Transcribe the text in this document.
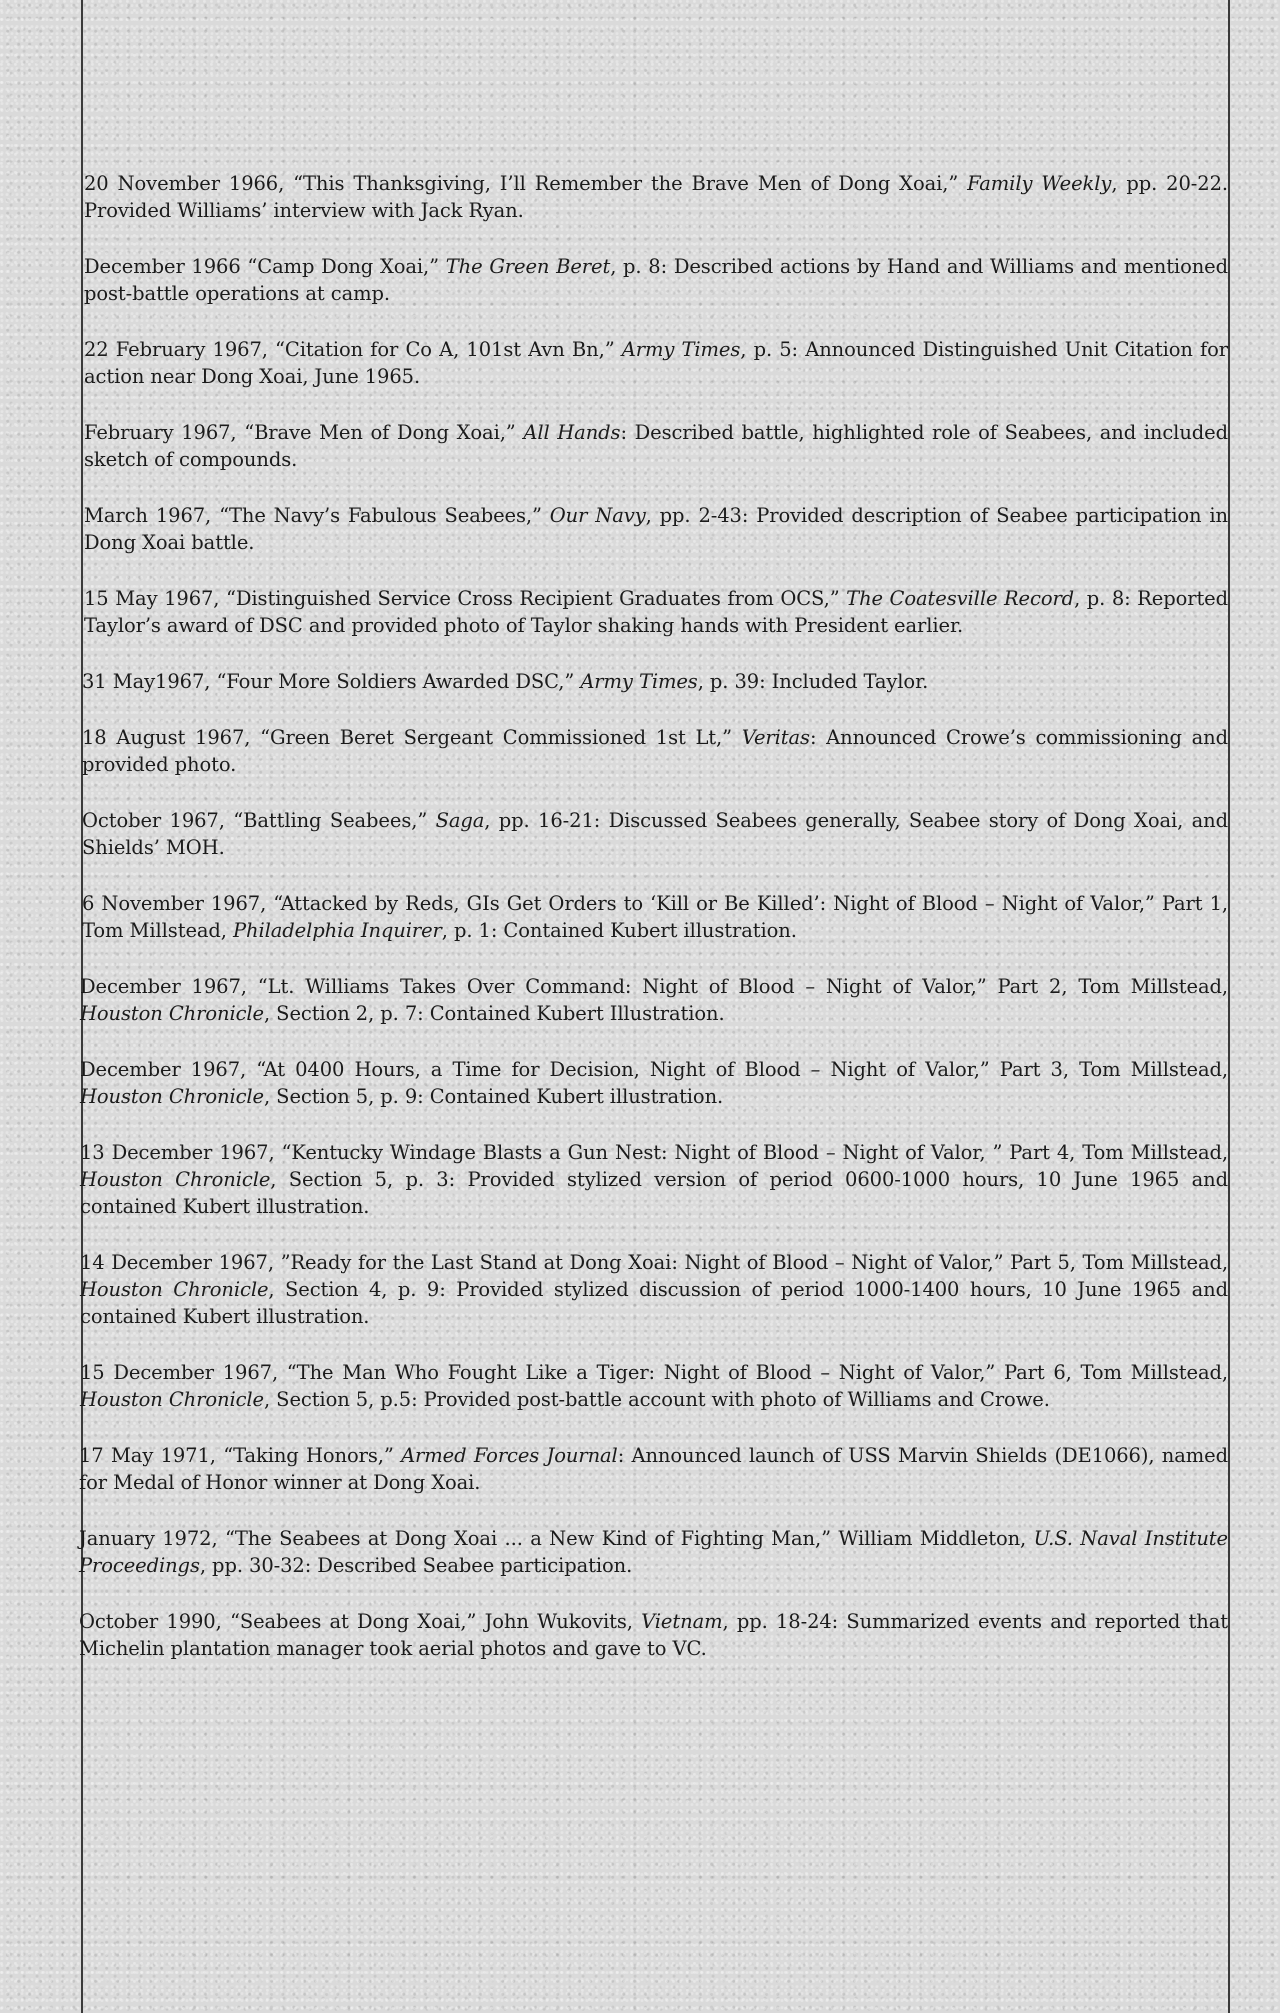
20 November 1966, “This Thanksgiving, I’ll Remember the Brave Men of Dong Xoai,” Family Weekly, pp. 20-22. Provided Williams’ interview with Jack Ryan.
December 1966 “Camp Dong Xoai,” The Green Beret, p. 8: Described actions by Hand and Williams and mentioned post-battle operations at camp.
22 February 1967, “Citation for Co A, 101st Avn Bn,” Army Times, p. 5: Announced Distinguished Unit Citation for action near Dong Xoai, June 1965.
February 1967, “Brave Men of Dong Xoai,” All Hands: Described battle, highlighted role of Seabees, and included sketch of compounds.
March 1967, “The Navy’s Fabulous Seabees,” Our Navy, pp. 2-43: Provided description of Seabee participation in Dong Xoai battle.
15 May 1967, “Distinguished Service Cross Recipient Graduates from OCS,” The Coatesville Record, p. 8: Reported Taylor’s award of DSC and provided photo of Taylor shaking hands with President earlier.
31 May1967, “Four More Soldiers Awarded DSC,” Army Times, p. 39: Included Taylor.
18 August 1967, “Green Beret Sergeant Commissioned 1st Lt,” Veritas: Announced Crowe’s commissioning and provided photo.
October 1967, “Battling Seabees,” Saga, pp. 16-21: Discussed Seabees generally, Seabee story of Dong Xoai, and Shields’ MOH.
6 November 1967, “Attacked by Reds, GIs Get Orders to ‘Kill or Be Killed’: Night of Blood – Night of Valor,” Part 1, Tom Millstead, Philadelphia Inquirer, p. 1: Contained Kubert illustration.
December 1967, “Lt. Williams Takes Over Command: Night of Blood – Night of Valor,” Part 2, Tom Millstead, Houston Chronicle, Section 2, p. 7: Contained Kubert Illustration.
December 1967, “At 0400 Hours, a Time for Decision, Night of Blood – Night of Valor,” Part 3, Tom Millstead, Houston Chronicle, Section 5, p. 9: Contained Kubert illustration.
13 December 1967, “Kentucky Windage Blasts a Gun Nest: Night of Blood – Night of Valor, ” Part 4, Tom Millstead, Houston Chronicle, Section 5, p. 3: Provided stylized version of period 0600-1000 hours, 10 June 1965 and contained Kubert illustration.
14 December 1967, ”Ready for the Last Stand at Dong Xoai: Night of Blood – Night of Valor,” Part 5, Tom Millstead, Houston Chronicle, Section 4, p. 9: Provided stylized discussion of period 1000-1400 hours, 10 June 1965 and contained Kubert illustration.
15 December 1967, “The Man Who Fought Like a Tiger: Night of Blood – Night of Valor,” Part 6, Tom Millstead, Houston Chronicle, Section 5, p.5: Provided post-battle account with photo of Williams and Crowe.
17 May 1971, “Taking Honors,” Armed Forces Journal: Announced launch of USS Marvin Shields (DE1066), named for Medal of Honor winner at Dong Xoai.
January 1972, “The Seabees at Dong Xoai ... a New Kind of Fighting Man,” William Middleton, U.S. Naval Institute Proceedings, pp. 30-32: Described Seabee participation.
October 1990, “Seabees at Dong Xoai,” John Wukovits, Vietnam, pp. 18-24: Summarized events and reported that Michelin plantation manager took aerial photos and gave to VC.
